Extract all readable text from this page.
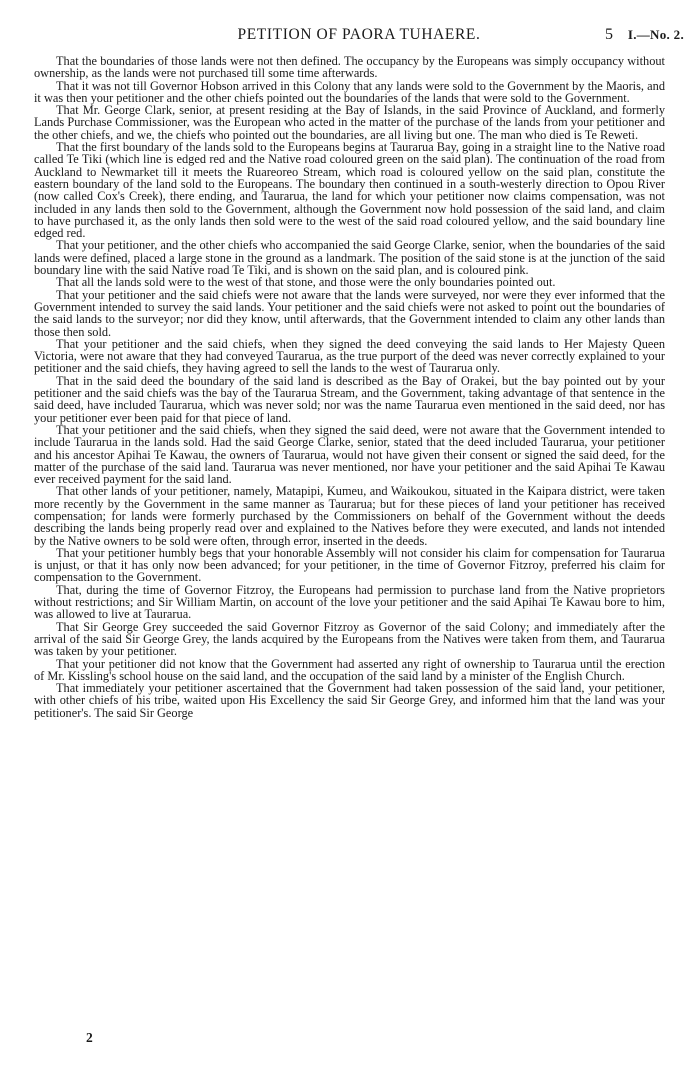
PETITION OF PAORA TUHAERE.	5 I.—No. 2.

That the boundaries of those lands were not then defined. The occupancy by the Europeans was simply occupancy without ownership, as the lands were not purchased till some time afterwards.

That it was not till Governor Hobson arrived in this Colony that any lands were sold to the Government by the Maoris, and it was then your petitioner and the other chiefs pointed out the boundaries of the lands that were sold to the Government.

That Mr. George Clark, senior, at present residing at the Bay of Islands, in the said Province of Auckland, and formerly Lands Purchase Commissioner, was the European who acted in the matter of the purchase of the lands from your petitioner and the other chiefs, and we, the chiefs who pointed out the boundaries, are all living but one. The man who died is Te Reweti.

That the first boundary of the lands sold to the Europeans begins at Taurarua Bay, going in a straight line to the Native road called Te Tiki (which line is edged red and the Native road coloured green on the said plan). The continuation of the road from Auckland to Newmarket till it meets the Ruareoreo Stream, which road is coloured yellow on the said plan, constitute the eastern boundary of the land sold to the Europeans. The boundary then continued in a south-westerly direction to Opou River (now called Cox's Creek), there ending, and Taurarua, the land for which your petitioner now claims compensation, was not included in any lands then sold to the Government, although the Government now hold possession of the said land, and claim to have purchased it, as the only lands then sold were to the west of the said road coloured yellow, and the said boundary line edged red.

That your petitioner, and the other chiefs who accompanied the said George Clarke, senior, when the boundaries of the said lands were defined, placed a large stone in the ground as a landmark. The position of the said stone is at the junction of the said boundary line with the said Native road Te Tiki, and is shown on the said plan, and is coloured pink.

That all the lands sold were to the west of that stone, and those were the only boundaries pointed out.

That your petitioner and the said chiefs were not aware that the lands were surveyed, nor were they ever informed that the Government intended to survey the said lands. Your petitioner and the said chiefs were not asked to point out the boundaries of the said lands to the surveyor; nor did they know, until afterwards, that the Government intended to claim any other lands than those then sold.

That your petitioner and the said chiefs, when they signed the deed conveying the said lands to Her Majesty Queen Victoria, were not aware that they had conveyed Taurarua, as the true purport of the deed was never correctly explained to your petitioner and the said chiefs, they having agreed to sell the lands to the west of Taurarua only.

That in the said deed the boundary of the said land is described as the Bay of Orakei, but the bay pointed out by your petitioner and the said chiefs was the bay of the Taurarua Stream, and the Government, taking advantage of that sentence in the said deed, have included Taurarua, which was never sold; nor was the name Taurarua even mentioned in the said deed, nor has your petitioner ever been paid for that piece of land.

That your petitioner and the said chiefs, when they signed the said deed, were not aware that the Government intended to include Taurarua in the lands sold. Had the said George Clarke, senior, stated that the deed included Taurarua, your petitioner and his ancestor Apihai Te Kawau, the owners of Taurarua, would not have given their consent or signed the said deed, for the matter of the purchase of the said land. Taurarua was never mentioned, nor have your petitioner and the said Apihai Te Kawau ever received payment for the said land.

That other lands of your petitioner, namely, Matapipi, Kumeu, and Waikoukou, situated in the Kaipara district, were taken more recently by the Government in the same manner as Taurarua; but for these pieces of land your petitioner has received compensation; for lands were formerly purchased by the Commissioners on behalf of the Government without the deeds describing the lands being properly read over and explained to the Natives before they were executed, and lands not intended by the Native owners to be sold were often, through error, inserted in the deeds.

That your petitioner humbly begs that your honorable Assembly will not consider his claim for compensation for Taurarua is unjust, or that it has only now been advanced; for your petitioner, in the time of Governor Fitzroy, preferred his claim for compensation to the Government.

That, during the time of Governor Fitzroy, the Europeans had permission to purchase land from the Native proprietors without restrictions; and Sir William Martin, on account of the love your petitioner and the said Apihai Te Kawau bore to him, was allowed to live at Taurarua.

That Sir George Grey succeeded the said Governor Fitzroy as Governor of the said Colony; and immediately after the arrival of the said Sir George Grey, the lands acquired by the Europeans from the Natives were taken from them, and Taurarua was taken by your petitioner.

That your petitioner did not know that the Government had asserted any right of ownership to Taurarua until the erection of Mr. Kissling's school house on the said land, and the occupation of the said land by a minister of the English Church.

That immediately your petitioner ascertained that the Government had taken possession of the said land, your petitioner, with other chiefs of his tribe, waited upon His Excellency the said Sir George Grey, and informed him that the land was your petitioner's. The said Sir George

2
